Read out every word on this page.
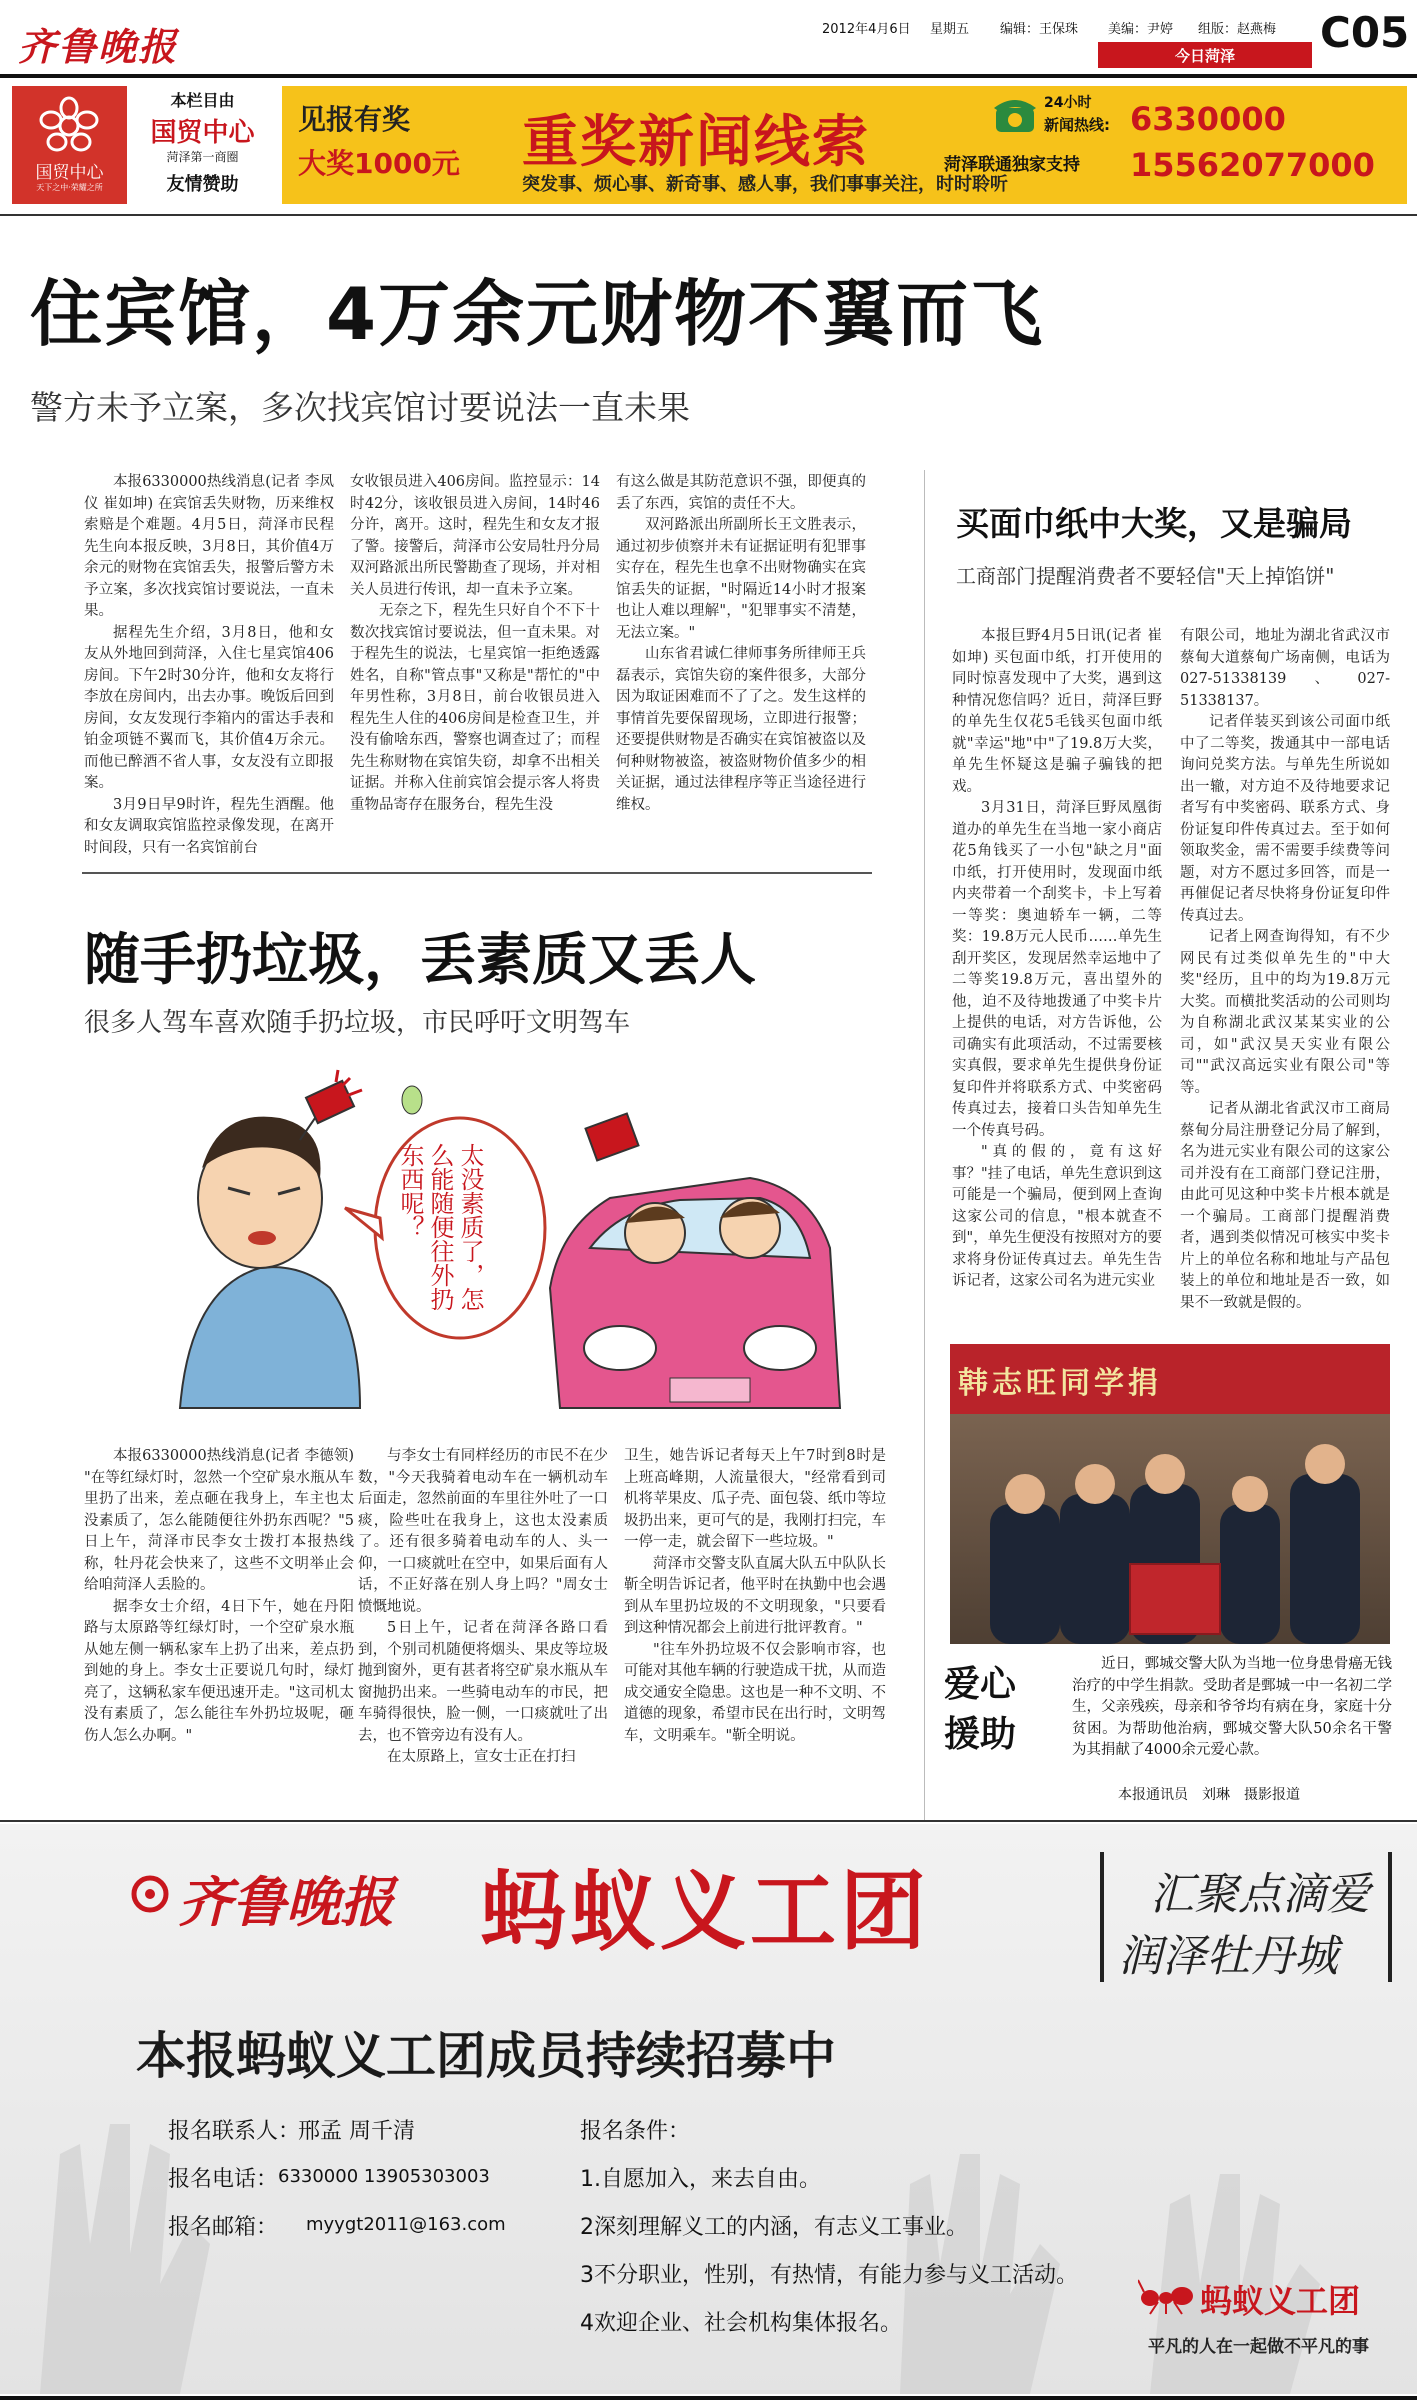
齐鲁晚报	2012年4月6日 星期五 编辑：王保珠 美编：尹婷 组版：赵燕梅
今日菏泽	C05
国贸中心
天下之中·荣耀之所
本栏目由
国贸中心
菏泽第一商圈
友情赞助
见报有奖
大奖1000元 重奖新闻线索
突发事、烦心事、新奇事、感人事，我们事事关注，时时聆听
24小时
新闻热线: 6330000
菏泽联通独家支持 15562077000
住宾馆，4万余元财物不翼而飞
警方未予立案，多次找宾馆讨要说法一直未果

本报6330000热线消息(记者 李凤仪 崔如坤) 在宾馆丢失财物，历来维权索赔是个难题。4月5日，菏泽市民程先生向本报反映，3月8日，其价值4万余元的财物在宾馆丢失，报警后警方未予立案，多次找宾馆讨要说法，一直未果。

据程先生介绍，3月8日，他和女友从外地回到菏泽，入住七星宾馆406房间。下午2时30分许，他和女友将行李放在房间内，出去办事。晚饭后回到房间，女友发现行李箱内的雷达手表和铂金项链不翼而飞，其价值4万余元。而他已醉酒不省人事，女友没有立即报案。

3月9日早9时许，程先生酒醒。他和女友调取宾馆监控录像发现，在离开时间段，只有一名宾馆前台

女收银员进入406房间。监控显示：14时42分，该收银员进入房间，14时46分许，离开。这时，程先生和女友才报了警。接警后，菏泽市公安局牡丹分局双河路派出所民警勘查了现场，并对相关人员进行传讯，却一直未予立案。

无奈之下，程先生只好自个不下十数次找宾馆讨要说法，但一直未果。对于程先生的说法，七星宾馆一拒绝透露姓名，自称"管点事"又称是"帮忙的"中年男性称，3月8日，前台收银员进入程先生人住的406房间是检查卫生，并没有偷啥东西，警察也调查过了；而程先生称财物在宾馆失窃，却拿不出相关证据。并称入住前宾馆会提示客人将贵重物品寄存在服务台，程先生没

有这么做是其防范意识不强，即便真的丢了东西，宾馆的责任不大。

双河路派出所副所长王文胜表示，通过初步侦察并未有证据证明有犯罪事实存在，程先生也拿不出财物确实在宾馆丢失的证据，"时隔近14小时才报案也让人难以理解"，"犯罪事实不清楚，无法立案。"

山东省君诚仁律师事务所律师王兵磊表示，宾馆失窃的案件很多，大部分因为取证困难而不了了之。发生这样的事情首先要保留现场，立即进行报警；还要提供财物是否确实在宾馆被盗以及何种财物被盗，被盗财物价值多少的相关证据，通过法律程序等正当途径进行维权。

买面巾纸中大奖，又是骗局
工商部门提醒消费者不要轻信"天上掉馅饼"

本报巨野4月5日讯(记者 崔如坤) 买包面巾纸，打开使用的同时惊喜发现中了大奖，遇到这种情况您信吗？近日，菏泽巨野的单先生仅花5毛钱买包面巾纸就"幸运"地"中"了19.8万大奖，单先生怀疑这是骗子骗钱的把戏。

3月31日，菏泽巨野凤凰街道办的单先生在当地一家小商店花5角钱买了一小包"缺之月"面巾纸，打开使用时，发现面巾纸内夹带着一个刮奖卡，卡上写着一等奖：奥迪轿车一辆，二等奖：19.8万元人民币……单先生刮开奖区，发现居然幸运地中了二等奖19.8万元，喜出望外的他，迫不及待地拨通了中奖卡片上提供的电话，对方告诉他，公司确实有此项活动，不过需要核实真假，要求单先生提供身份证复印件并将联系方式、中奖密码传真过去，接着口头告知单先生一个传真号码。

"真的假的，竟有这好事？"挂了电话，单先生意识到这可能是一个骗局，便到网上查询这家公司的信息，"根本就查不到"，单先生便没有按照对方的要求将身份证传真过去。单先生告诉记者，这家公司名为进元实业

有限公司，地址为湖北省武汉市蔡甸大道蔡甸广场南侧，电话为027-51338139、027-51338137。

记者佯装买到该公司面巾纸中了二等奖，拨通其中一部电话询问兑奖方法。与单先生所说如出一辙，对方迫不及待地要求记者写有中奖密码、联系方式、身份证复印件传真过去。至于如何领取奖金，需不需要手续费等问题，对方不愿过多回答，而是一再催促记者尽快将身份证复印件传真过去。

记者上网查询得知，有不少网民有过类似单先生的"中大奖"经历，且中的均为19.8万元大奖。而横批奖活动的公司则均为自称湖北武汉某某实业的公司，如"武汉昊天实业有限公司""武汉高远实业有限公司"等等。

记者从湖北省武汉市工商局蔡甸分局注册登记分局了解到，名为进元实业有限公司的这家公司并没有在工商部门登记注册，由此可见这种中奖卡片根本就是一个骗局。工商部门提醒消费者，遇到类似情况可核实中奖卡片上的单位名称和地址与产品包装上的单位和地址是否一致，如果不一致就是假的。

随手扔垃圾，丢素质又丢人
很多人驾车喜欢随手扔垃圾，市民呼吁文明驾车
太没素质了，怎么能随便往外扔东西呢？

本报6330000热线消息(记者 李德领) "在等红绿灯时，忽然一个空矿泉水瓶从车里扔了出来，差点砸在我身上，车主也太没素质了，怎么能随便往外扔东西呢？"5日上午，菏泽市民李女士拨打本报热线称，牡丹花会快来了，这些不文明举止会给咱菏泽人丢脸的。

据李女士介绍，4日下午，她在丹阳路与太原路等红绿灯时，一个空矿泉水瓶从她左侧一辆私家车上扔了出来，差点扔到她的身上。李女士正要说几句时，绿灯亮了，这辆私家车便迅速开走。"这司机太没有素质了，怎么能往车外扔垃圾呢，砸伤人怎么办啊。"

与李女士有同样经历的市民不在少数，"今天我骑着电动车在一辆机动车后面走，忽然前面的车里往外吐了一口痰，险些吐在我身上，这也太没素质了。还有很多骑着电动车的人、头一仰，一口痰就吐在空中，如果后面有人话，不正好落在别人身上吗？"周女士愤慨地说。

5日上午，记者在菏泽各路口看到，个别司机随便将烟头、果皮等垃圾抛到窗外，更有甚者将空矿泉水瓶从车窗抛扔出来。一些骑电动车的市民，把车骑得很快，脸一侧，一口痰就吐了出去，也不管旁边有没有人。

在太原路上，宣女士正在打扫

卫生，她告诉记者每天上午7时到8时是上班高峰期，人流量很大，"经常看到司机将苹果皮、瓜子壳、面包袋、纸巾等垃圾扔出来，更可气的是，我刚打扫完，车一停一走，就会留下一些垃圾。"

菏泽市交警支队直属大队五中队队长靳全明告诉记者，他平时在执勤中也会遇到从车里扔垃圾的不文明现象，"只要看到这种情况都会上前进行批评教育。"

"往车外扔垃圾不仅会影响市容，也可能对其他车辆的行驶造成干扰，从而造成交通安全隐患。这也是一种不文明、不道德的现象，希望市民在出行时，文明驾车，文明乘车。"靳全明说。

韩志旺同学捐
爱心援助
近日，鄄城交警大队为当地一位身患骨癌无钱治疗的中学生捐款。受助者是鄄城一中一名初二学生，父亲残疾，母亲和爷爷均有病在身，家庭十分贫困。为帮助他治病，鄄城交警大队50余名干警为其捐献了4000余元爱心款。
本报通讯员　刘琳　摄影报道
齐鲁晚报 蚂蚁义工团	汇聚点滴爱
润泽牡丹城
本报蚂蚁义工团成员持续招募中
报名联系人：
邢孟 周千清
报名电话： 6330000 13905303003
报名邮箱： myygt2011@163.com
报名条件：
1.自愿加入，来去自由。
2深刻理解义工的内涵，有志义工事业。
3不分职业，性别，有热情，有能力参与义工活动。
4欢迎企业、社会机构集体报名。
蚂蚁义工团
平凡的人在一起做不平凡的事
